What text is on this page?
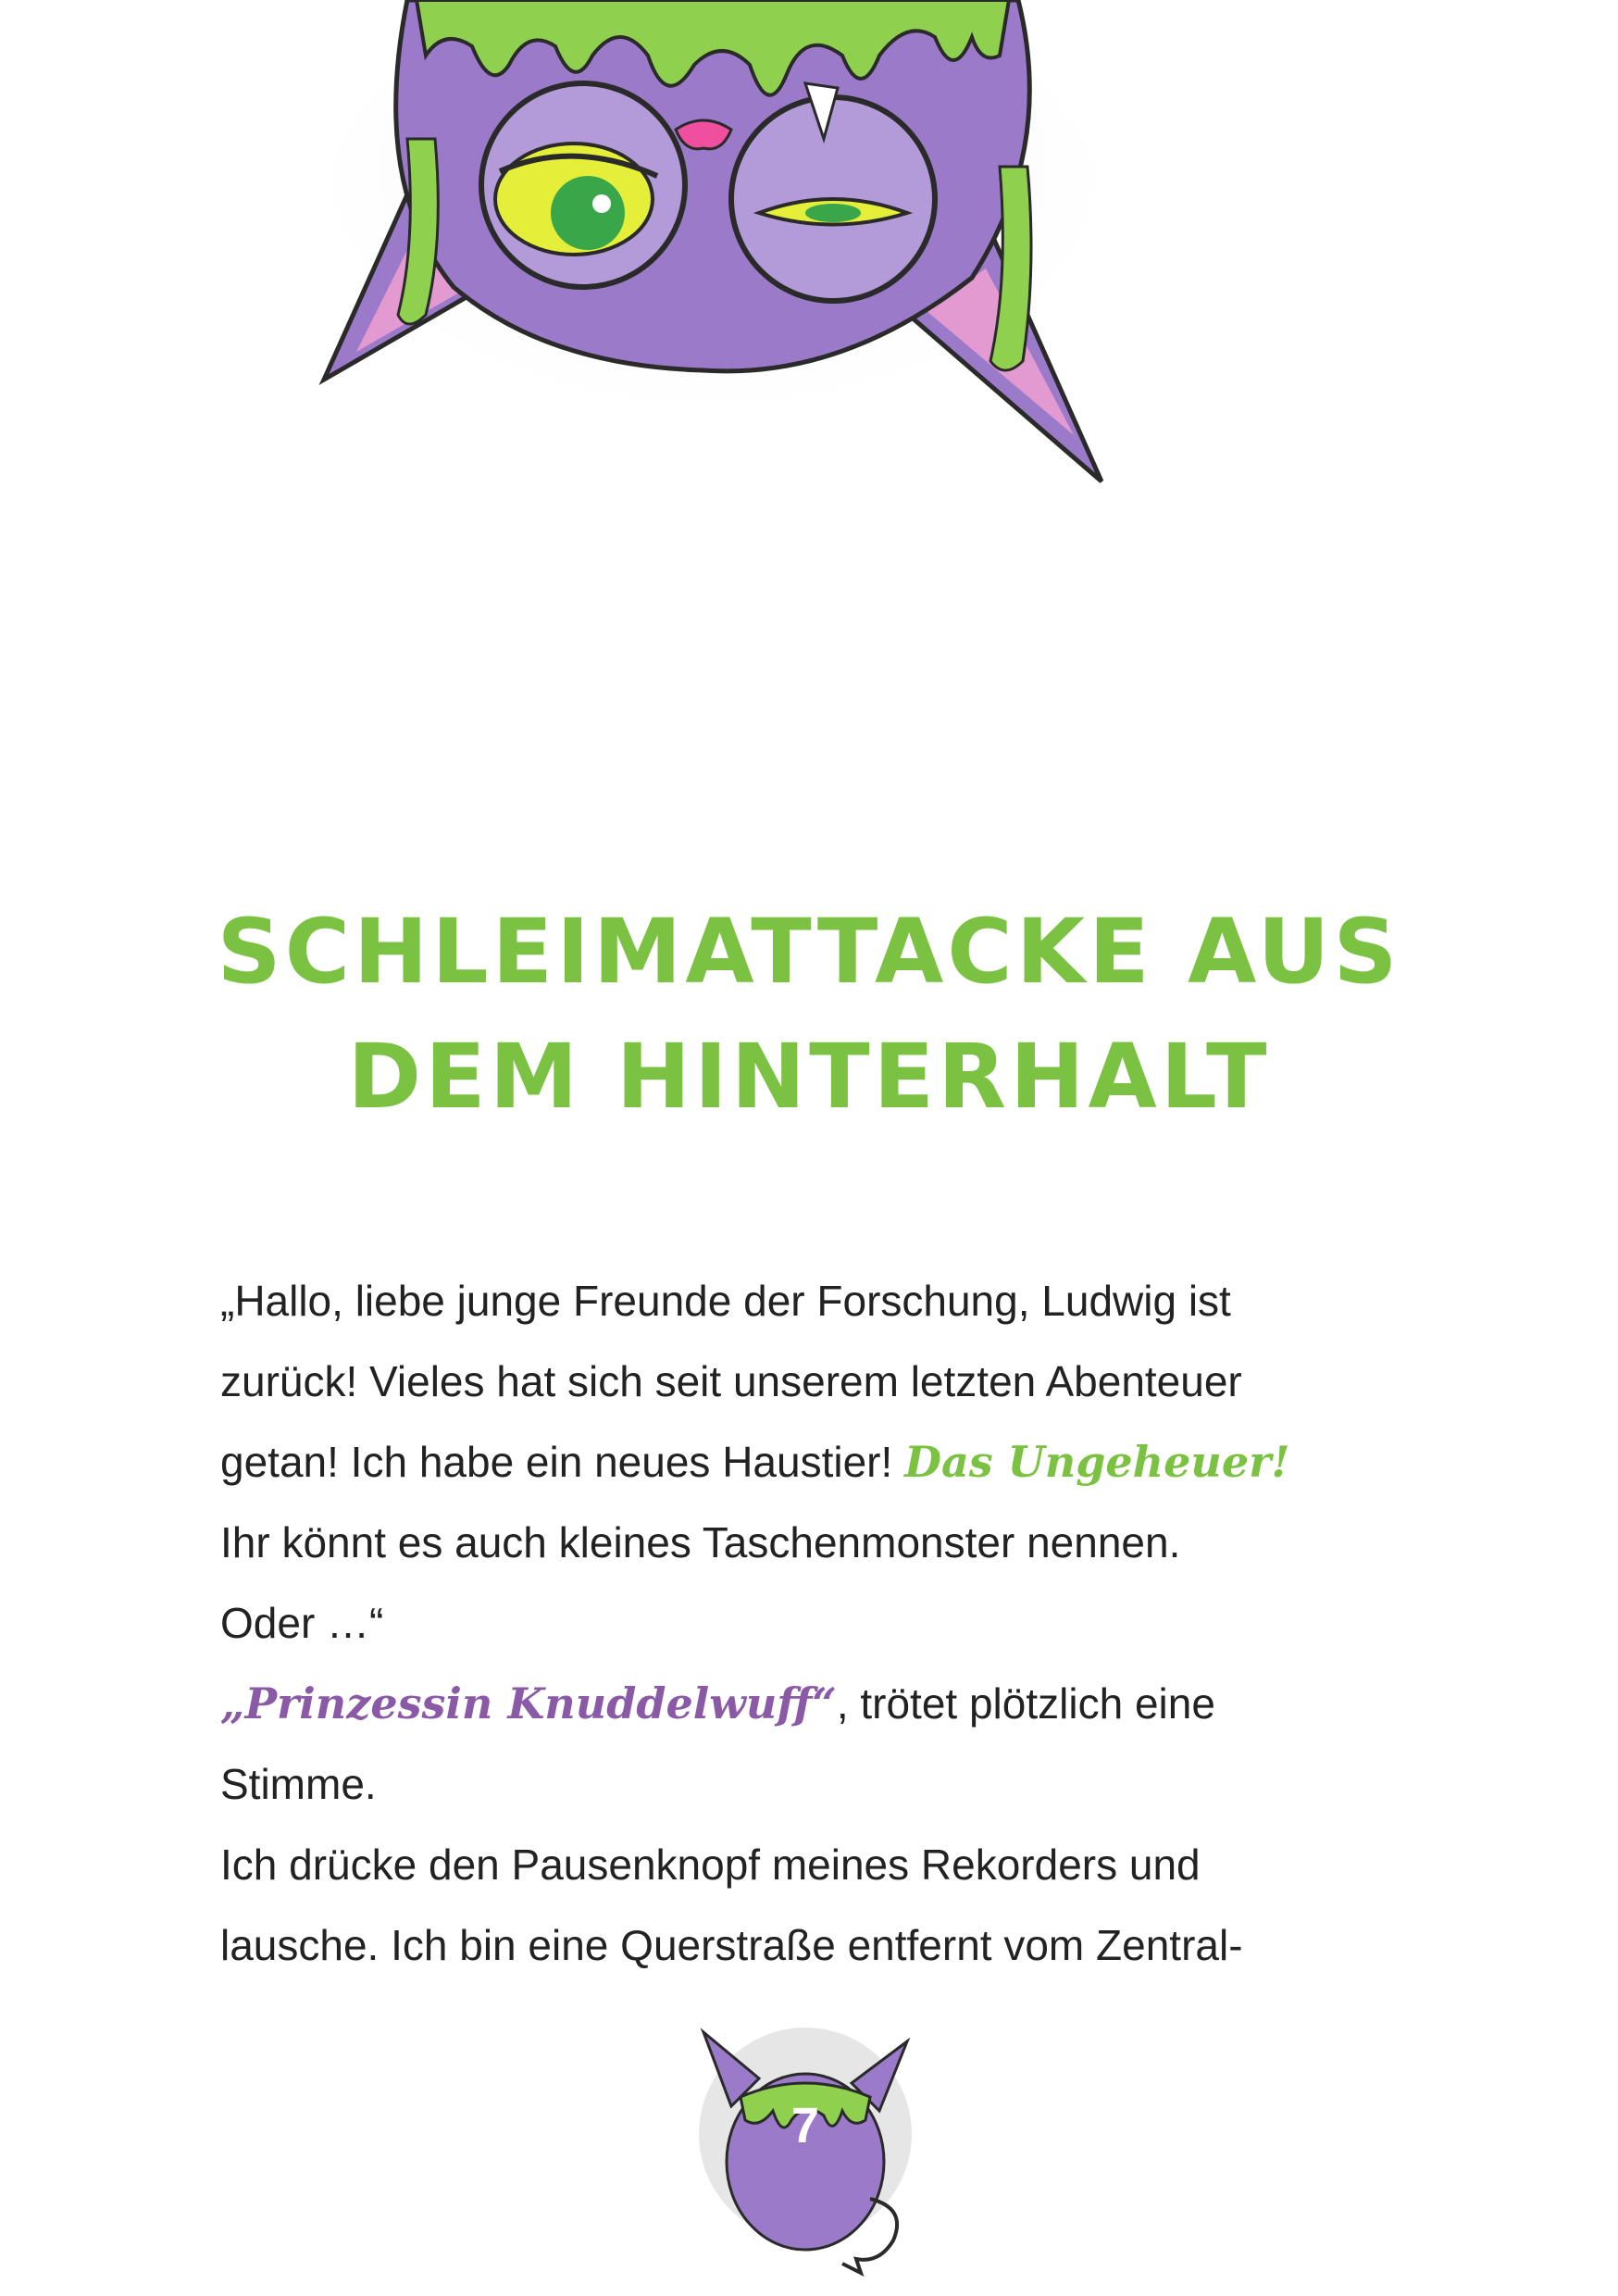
SCHLEIMATTACKE AUS
DEM HINTERHALT
„Hallo, liebe junge Freunde der Forschung, Ludwig ist
zurück! Vieles hat sich seit unserem letzten Abenteuer
getan! Ich habe ein neues Haustier! Das Ungeheuer!
Ihr könnt es auch kleines Taschenmonster nennen.
Oder …“
„Prinzessin Knuddelwuff“, trötet plötzlich eine
Stimme.
Ich drücke den Pausenknopf meines Rekorders und
lausche. Ich bin eine Querstraße entfernt vom Zentral-
7
